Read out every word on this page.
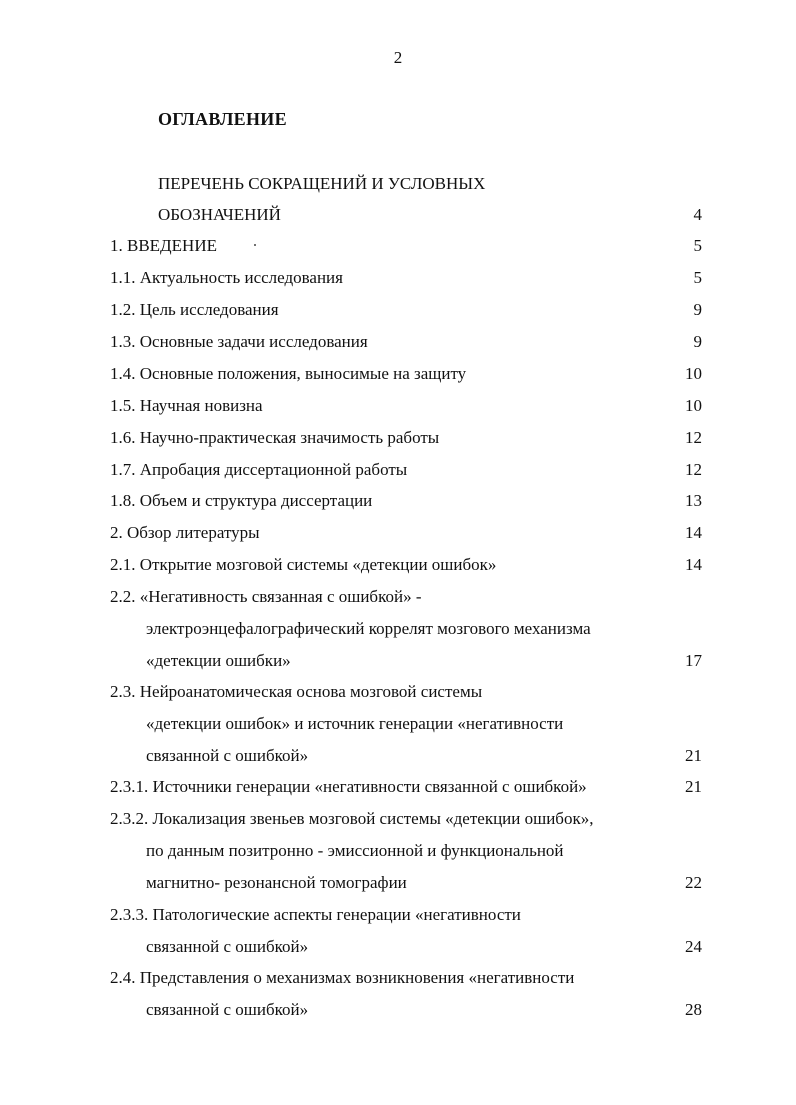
2
ОГЛАВЛЕНИЕ
ПЕРЕЧЕНЬ СОКРАЩЕНИЙ И УСЛОВНЫХ
ОБОЗНАЧЕНИЙ	4
1. ВВЕДЕНИЕ	5
1.1. Актуальность исследования	5
1.2. Цель исследования	9
1.3. Основные задачи исследования	9
1.4. Основные положения, выносимые на защиту	10
1.5. Научная новизна	10
1.6. Научно-практическая значимость работы	12
1.7. Апробация диссертационной работы	12
1.8. Объем и структура диссертации	13
2. Обзор литературы	14
2.1. Открытие мозговой системы «детекции ошибок»	14
2.2. «Негативность связанная с ошибкой» -
электроэнцефалографический коррелят мозгового механизма
«детекции ошибки»	17
2.3. Нейроанатомическая основа мозговой системы
«детекции ошибок» и источник генерации «негативности
связанной с ошибкой»	21
2.3.1. Источники генерации «негативности связанной с ошибкой»	21
2.3.2. Локализация звеньев мозговой системы «детекции ошибок»,
по данным позитронно - эмиссионной и функциональной
магнитно- резонансной томографии	22
2.3.3. Патологические аспекты генерации «негативности
связанной с ошибкой»	24
2.4. Представления о механизмах возникновения «негативности
связанной с ошибкой»	28
